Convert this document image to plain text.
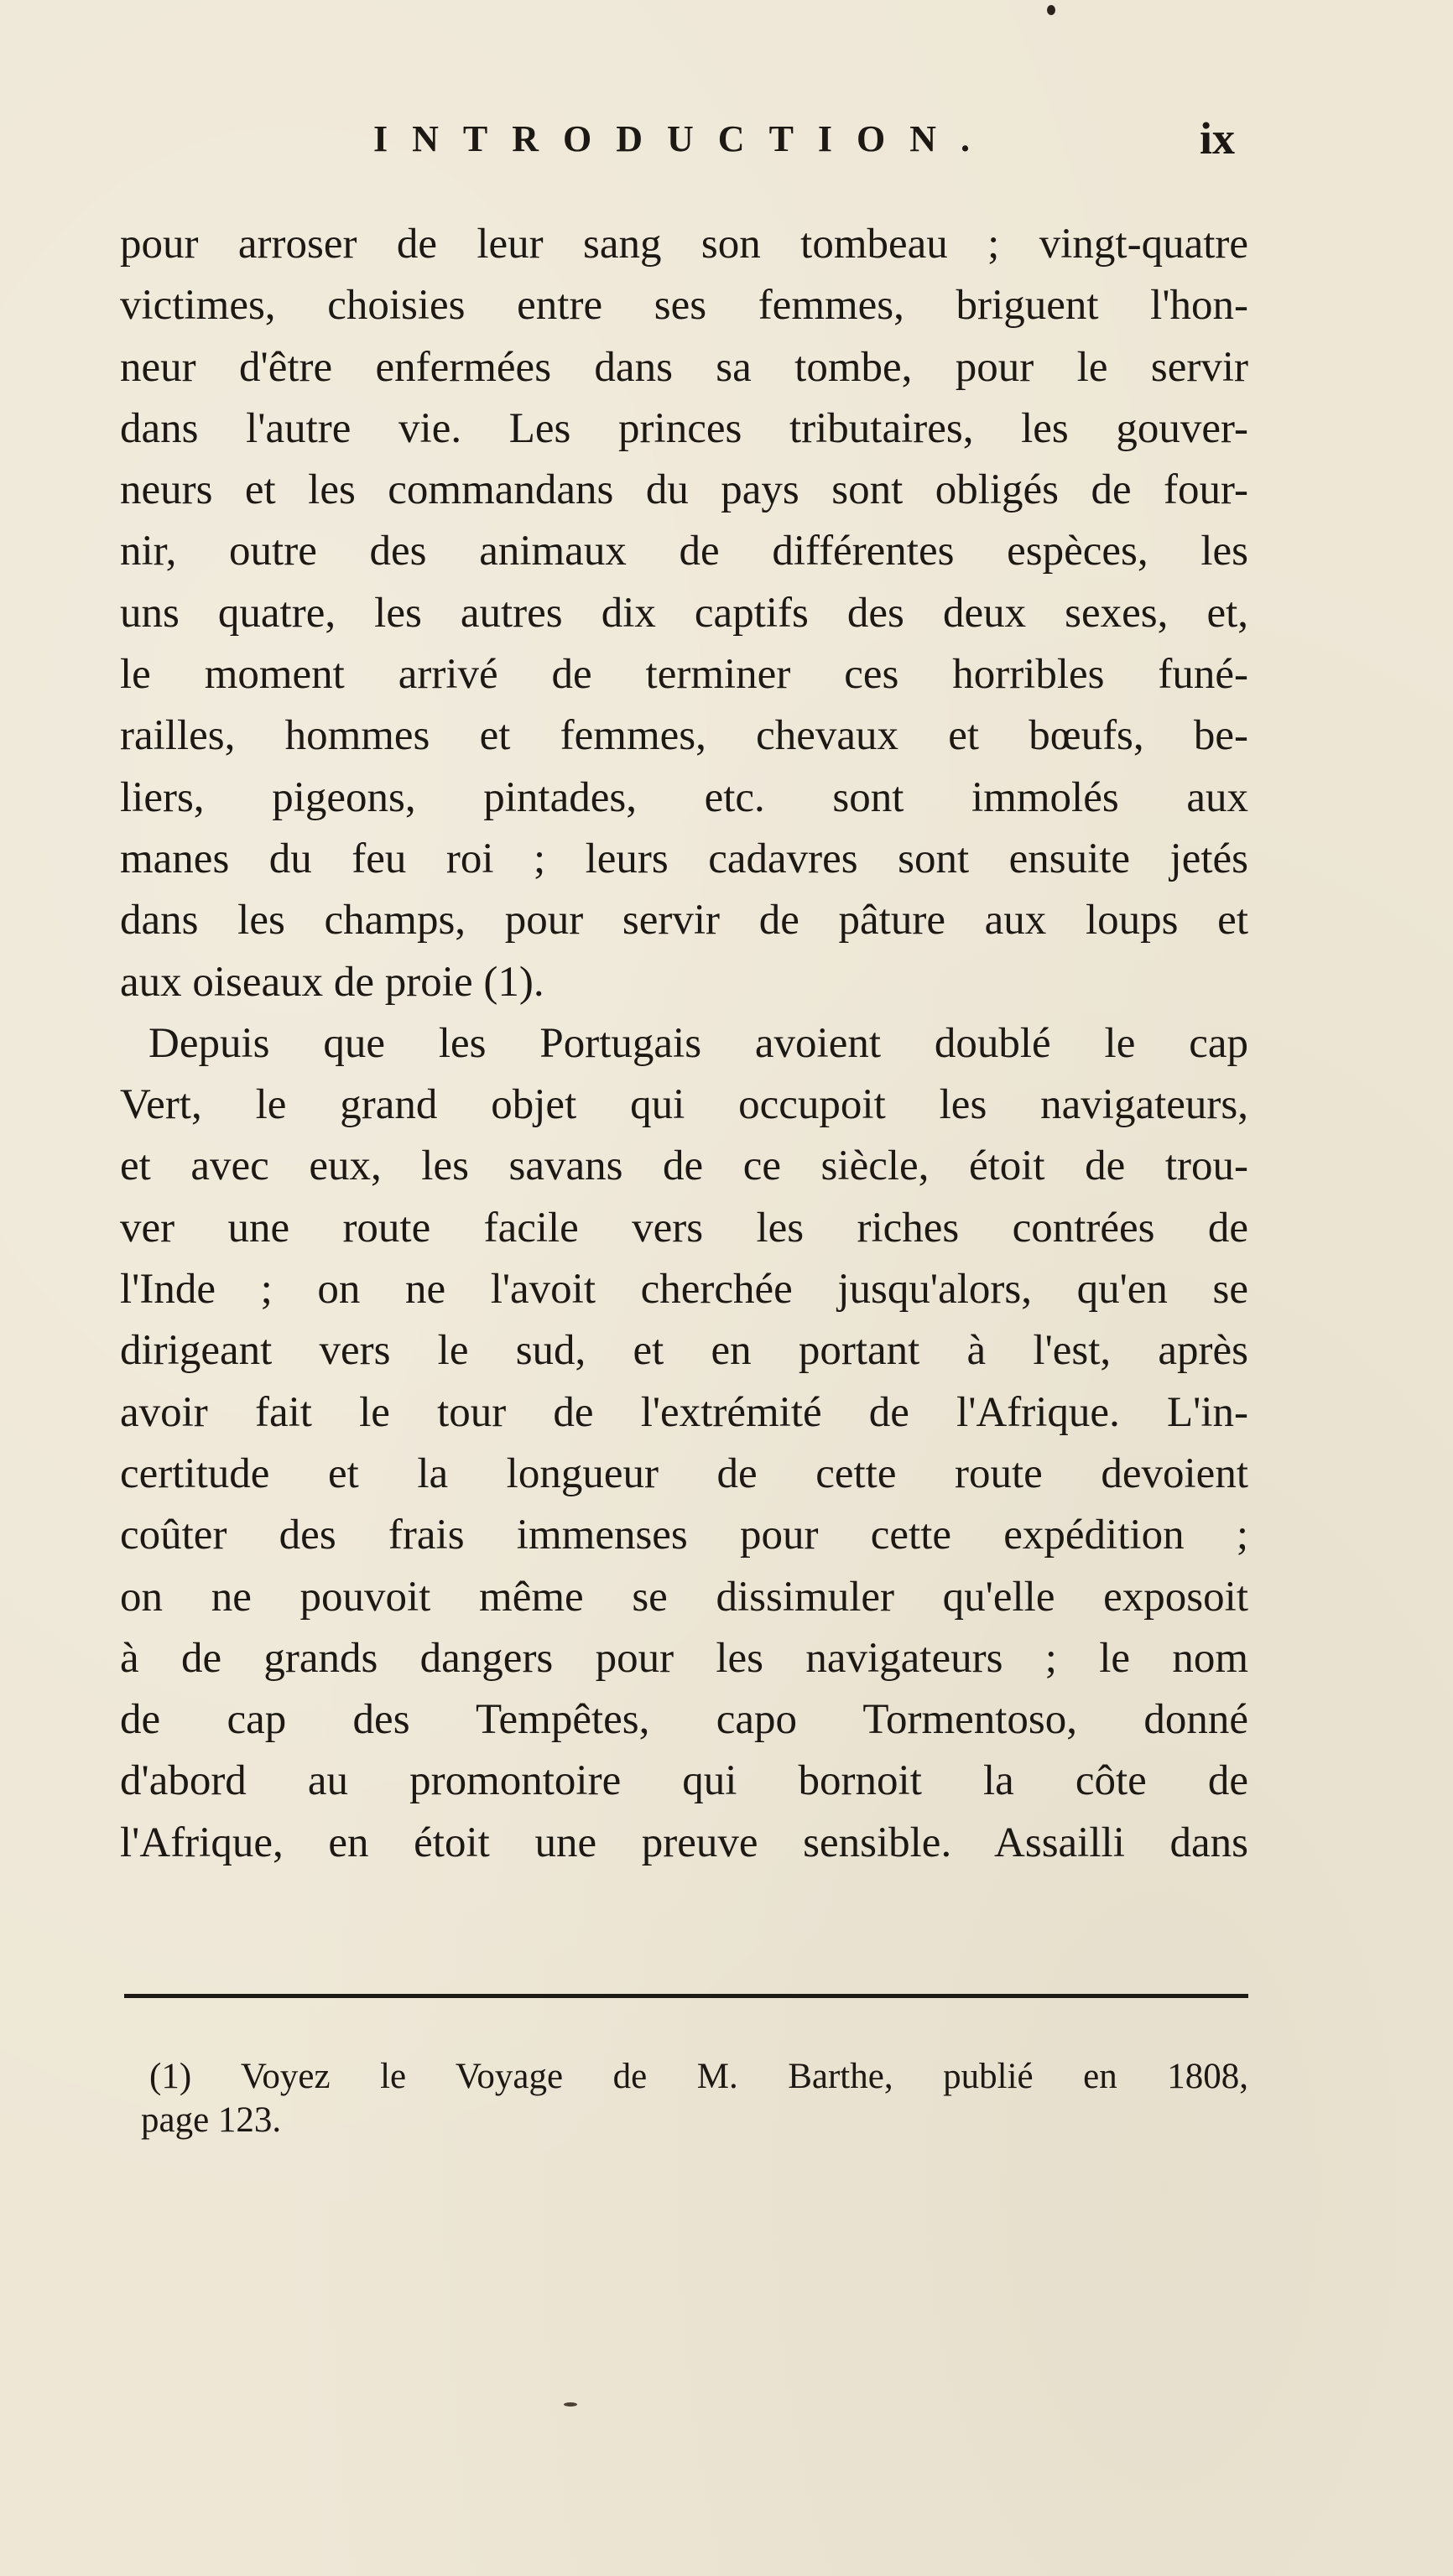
INTRODUCTION.	ix
pour arroser de leur sang son tombeau ; vingt-quatre
victimes, choisies entre ses femmes, briguent l'hon-
neur d'être enfermées dans sa tombe, pour le servir
dans l'autre vie. Les princes tributaires, les gouver-
neurs et les commandans du pays sont obligés de four-
nir, outre des animaux de différentes espèces, les
uns quatre, les autres dix captifs des deux sexes, et,
le moment arrivé de terminer ces horribles funé-
railles, hommes et femmes, chevaux et bœufs, be-
liers, pigeons, pintades, etc. sont immolés aux
manes du feu roi ; leurs cadavres sont ensuite jetés
dans les champs, pour servir de pâture aux loups et
aux oiseaux de proie (1).
Depuis que les Portugais avoient doublé le cap
Vert, le grand objet qui occupoit les navigateurs,
et avec eux, les savans de ce siècle, étoit de trou-
ver une route facile vers les riches contrées de
l'Inde ; on ne l'avoit cherchée jusqu'alors, qu'en se
dirigeant vers le sud, et en portant à l'est, après
avoir fait le tour de l'extrémité de l'Afrique. L'in-
certitude et la longueur de cette route devoient
coûter des frais immenses pour cette expédition ;
on ne pouvoit même se dissimuler qu'elle exposoit
à de grands dangers pour les navigateurs ; le nom
de cap des Tempêtes, capo Tormentoso, donné
d'abord au promontoire qui bornoit la côte de
l'Afrique, en étoit une preuve sensible. Assailli dans
(1) Voyez le Voyage de M. Barthe, publié en 1808,
page 123.
